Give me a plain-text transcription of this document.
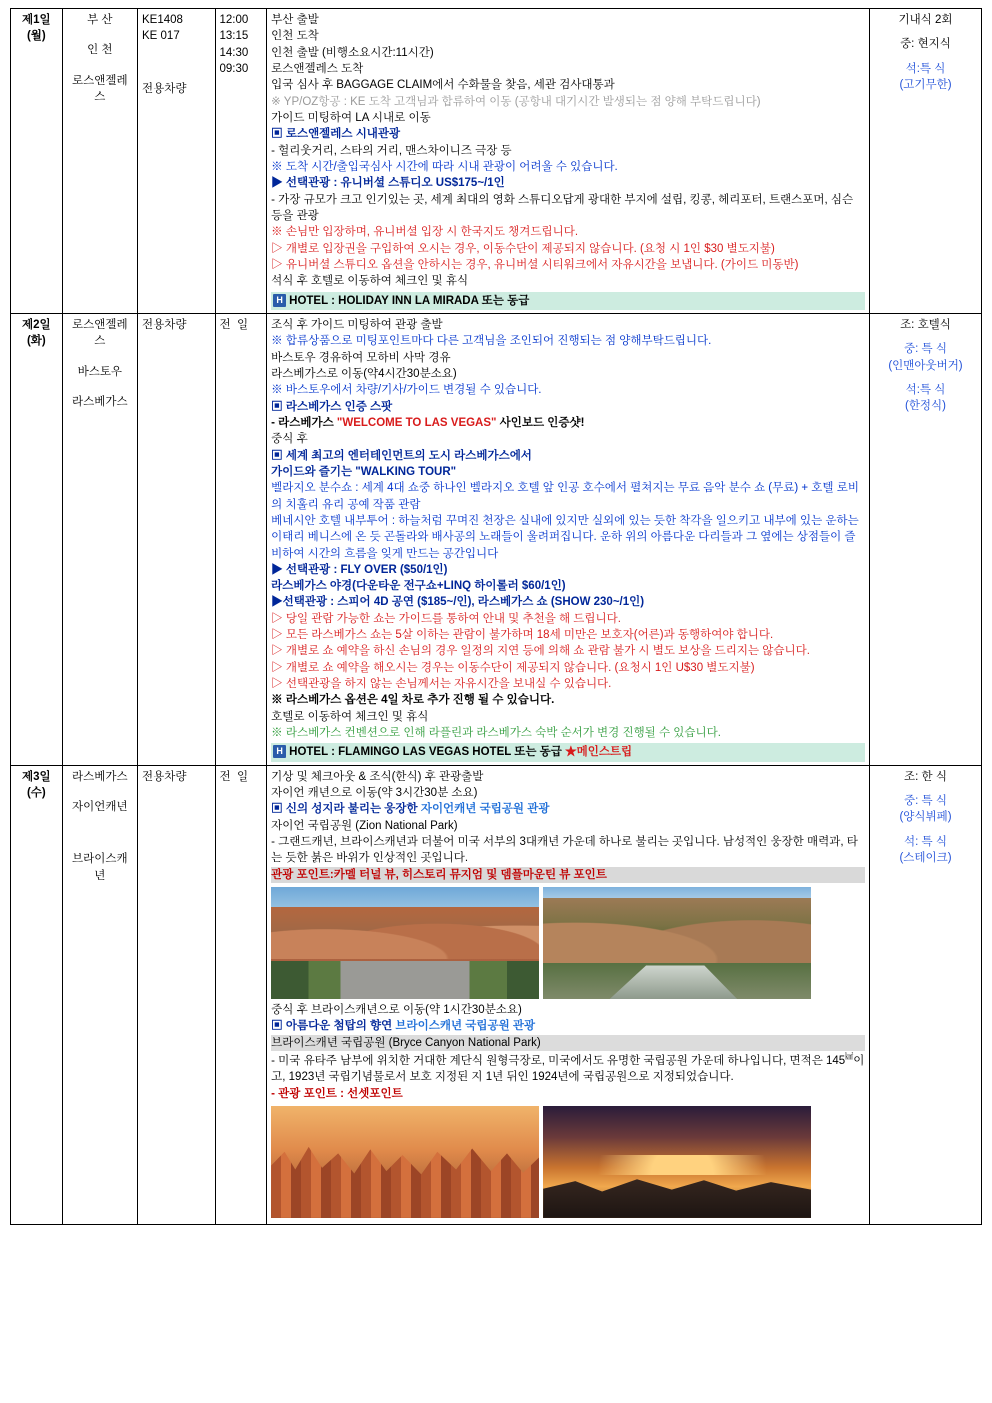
제1일
(월)	
부 산
인 천
로스앤젤레스

KE1408
KE 017
전용차량

12:00
13:15
14:30
09:30

부산 출발
인천 도착
인천 출발 (비행소요시간:11시간)
로스앤젤레스 도착
입국 심사 후 BAGGAGE CLAIM에서 수화물을 찾음, 세관 검사대통과
※ YP/OZ항공 : KE 도착 고객님과 합류하여 이동 (공항내 대기시간 발생되는 점 양해 부탁드립니다)
가이드 미팅하여 LA 시내로 이동
▣ 로스앤젤레스 시내관광
- 헐리웃거리, 스타의 거리, 맨스차이니즈 극장 등
※ 도착 시간/출입국심사 시간에 따라 시내 관광이 어려울 수 있습니다.
▶ 선택관광 : 유니버셜 스튜디오 US$175~/1인
- 가장 규모가 크고 인기있는 곳, 세계 최대의 영화 스튜디오답게 광대한 부지에 설립, 킹콩, 헤리포터, 트랜스포머, 심슨 등을 관광
※ 손님만 입장하며, 유니버셜 입장 시 한국지도 챙겨드립니다.
▷ 개별로 입장권을 구입하여 오시는 경우, 이동수단이 제공되지 않습니다. (요청 시 1인 $30 별도지불)
▷ 유니버셜 스튜디오 옵션을 안하시는 경우, 유니버셜 시티워크에서 자유시간을 보냅니다. (가이드 미동반)
석식 후 호텔로 이동하여 체크인 및 휴식
H HOTEL : HOLIDAY INN LA MIRADA 또는 동급

기내식 2회
중: 현지식
석:특 식
(고기무한)

제2일
(화)	
로스앤젤레스
바스토우
라스베가스

전용차량	전  일	조식 후 가이드 미팅하여 관광 출발
※ 합류상품으로 미팅포인트마다 다른 고객님을 조인되어 진행되는 점 양해부탁드립니다.
바스토우 경유하여 모하비 사막 경유
라스베가스로 이동(약4시간30분소요)
※ 바스토우에서 차량/기사/가이드 변경될 수 있습니다.
▣ 라스베가스 인증 스팟
- 라스베가스 "WELCOME TO LAS VEGAS" 사인보드 인증샷!
중식 후
▣ 세계 최고의 엔터테인먼트의 도시 라스베가스에서
가이드와 즐기는 "WALKING TOUR"
벨라지오 분수쇼 : 세계 4대 쇼중 하나인 벨라지오 호텔 앞 인공 호수에서 펼쳐지는 무료 음악 분수 쇼 (무료) + 호텔 로비의 치훌리 유리 공예 작품 관람
베네시안 호텔 내부투어 : 하늘처럼 꾸며진 천장은 실내에 있지만 실외에 있는 듯한 착각을 일으키고 내부에 있는 운하는 이태리 베니스에 온 듯 곤돌라와 배사공의 노래들이 울려퍼집니다. 운하 위의 아름다운 다리들과 그 옆에는 상점들이 즐비하여 시간의 흐름을 잊게 만드는 공간입니다
▶ 선택관광 : FLY OVER ($50/1인)
라스베가스 야경(다운타운 전구쇼+LINQ 하이롤러 $60/1인)
▶선택관광 : 스피어 4D 공연 ($185~/인), 라스베가스 쇼 (SHOW 230~/1인)
▷ 당일 관람 가능한 쇼는 가이드를 통하여 안내 및 추천을 해 드립니다.
▷ 모든 라스베가스 쇼는 5살 이하는 관람이 불가하며 18세 미만은 보호자(어른)과 동행하여야 합니다.
▷ 개별로 쇼 예약을 하신 손님의 경우 일정의 지연 등에 의해 쇼 관람 불가 시 별도 보상을 드리지는 않습니다.
▷ 개별로 쇼 예약을 해오시는 경우는 이동수단이 제공되지 않습니다. (요청시 1인 U$30 별도지불)
▷ 선택관광을 하지 않는 손님께서는 자유시간을 보내실 수 있습니다.
※ 라스베가스 옵션은 4일 차로 추가 진행 될 수 있습니다.
호텔로 이동하여 체크인 및 휴식
※ 라스베가스 컨벤션으로 인해 라플린과 라스베가스 숙박 순서가 변경 진행될 수 있습니다.
H HOTEL : FLAMINGO LAS VEGAS HOTEL 또는 동급 ★메인스트립

조: 호텔식
중: 특 식
(인맨아웃버거)
석:특 식
(한정식)

제3일
(수)	
라스베가스
자이언캐년
브라이스캐년

전용차량	전  일	기상 및 체크아웃 & 조식(한식) 후 관광출발
자이언 캐년으로 이동(약 3시간30분 소요)
▣ 신의 성지라 불리는 웅장한 자이언캐년 국립공원 관광
자이언 국립공원 (Zion National Park)
- 그랜드캐년, 브라이스캐년과 더불어 미국 서부의 3대캐년 가운데 하나로 불리는 곳입니다. 남성적인 웅장한 매력과, 타는 듯한 붉은 바위가 인상적인 곳입니다.
관광 포인트:카멜 터널 뷰, 히스토리 뮤지엄 및 뎀플마운틴 뷰 포인트
중식 후 브라이스캐년으로 이동(약 1시간30분소요)
▣ 아름다운 첨탑의 향연 브라이스캐년 국립공원 관광
브라이스캐년 국립공원 (Bryce Canyon National Park)
- 미국 유타주 남부에 위치한 거대한 계단식 원형극장로, 미국에서도 유명한 국립공원 가운데 하나입니다, 면적은 145㎢이고, 1923년 국립기념물로서 보호 지정된 지 1년 뒤인 1924년에 국립공원으로 지정되었습니다.
- 관광 포인트 : 선셋포인트

조: 한 식
중: 특 식
(양식뷔페)
석: 특 식
(스테이크)
